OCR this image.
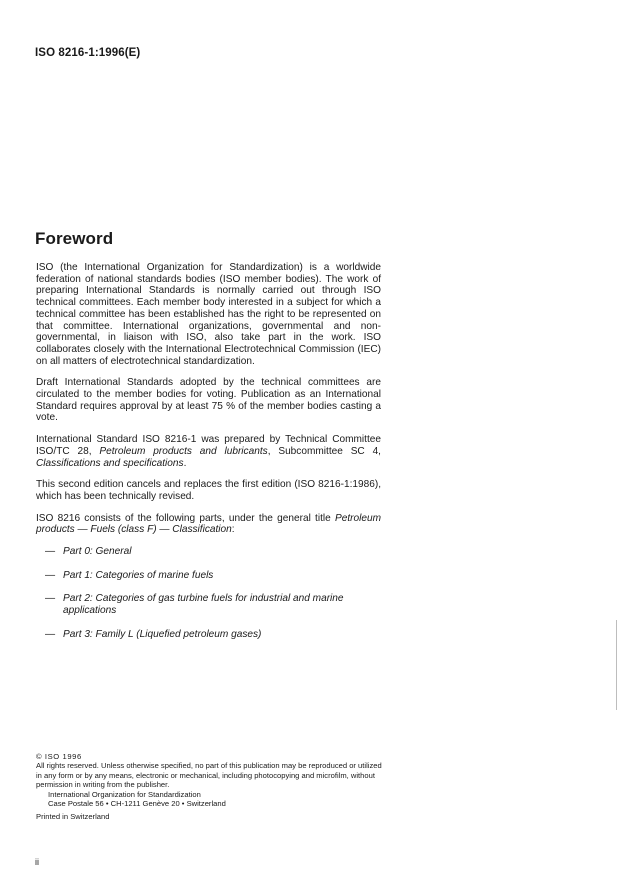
ISO 8216-1:1996(E)
Foreword

ISO (the International Organization for Standardization) is a worldwide federation of national standards bodies (ISO member bodies). The work of preparing International Standards is normally carried out through ISO technical committees. Each member body interested in a subject for which a technical committee has been established has the right to be represented on that committee. International organizations, governmental and non-governmental, in liaison with ISO, also take part in the work. ISO collaborates closely with the International Electrotechnical Commission (IEC) on all matters of electrotechnical standardization.

Draft International Standards adopted by the technical committees are circulated to the member bodies for voting. Publication as an International Standard requires approval by at least 75 % of the member bodies casting a vote.

International Standard ISO 8216-1 was prepared by Technical Committee ISO/TC 28, Petroleum products and lubricants, Subcommittee SC 4, Classifications and specifications.

This second edition cancels and replaces the first edition (ISO 8216-1:1986), which has been technically revised.

ISO 8216 consists of the following parts, under the general title Petroleum products — Fuels (class F) — Classification:

— Part 0: General
— Part 1: Categories of marine fuels
— Part 2: Categories of gas turbine fuels for industrial and marine applications
— Part 3: Family L (Liquefied petroleum gases)
© ISO 1996
All rights reserved. Unless otherwise specified, no part of this publication may be reproduced or utilized in any form or by any means, electronic or mechanical, including photocopying and microfilm, without permission in writing from the publisher.
International Organization for Standardization
Case Postale 56 • CH-1211 Genève 20 • Switzerland
Printed in Switzerland
ii
